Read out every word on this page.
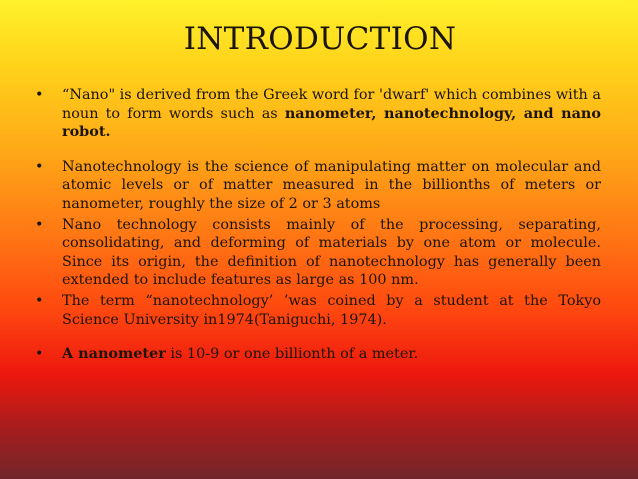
INTRODUCTION
• “Nano" is derived from the Greek word for 'dwarf' which combines with a noun to form words such as nanometer, nanotechnology, and nano robot.
• Nanotechnology is the science of manipulating matter on molecular and atomic levels or of matter measured in the billionths of meters or nanometer, roughly the size of 2 or 3 atoms
• Nano technology consists mainly of the processing, separating, consolidating, and deforming of materials by one atom or molecule. Since its origin, the definition of nanotechnology has generally been extended to include features as large as 100 nm.
• The term “nanotechnology’ ’was coined by a student at the Tokyo Science University in1974(Taniguchi, 1974).
• A nanometer is 10-9 or one billionth of a meter.
